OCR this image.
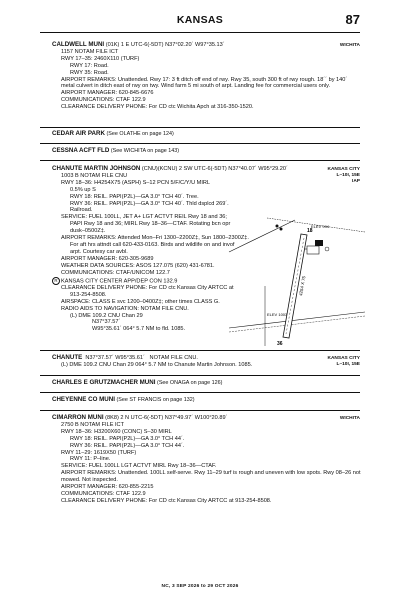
KANSAS	87
WICHITA
CALDWELL MUNI (01K) 1 E UTC-6(-5DT) N37°02.20´ W97°35.13´
1157 NOTAM FILE ICT
RWY 17–35: 2460X110 (TURF)
RWY 17: Road.
RWY 35: Road.
AIRPORT REMARKS: Unattended. Rwy 17: 3 ft ditch off end of rwy. Rwy 35, south 300 ft of rwy rough. 18´´ by 140´ metal culvert in ditch east of rwy on twy. Wind farm 5 mi south of arpt. Landing fee for commercial users only.
AIRPORT MANAGER: 620-845-6676
COMMUNICATIONS: CTAF 122.9
CLEARANCE DELIVERY PHONE: For CD ctc Wichita Apch at 316-350-1520.
CEDAR AIR PARK (See OLATHE on page 124)
CESSNA ACFT FLD (See WICHITA on page 143)
KANSAS CITY
L–10I, 15E
IAP
CHANUTE MARTIN JOHNSON (CNU)(KCNU) 2 SW UTC-6(-5DT) N37°40.07´ W95°29.20´
1003 B NOTAM FILE CNU
RWY 18–36: H4254X75 (ASPH) S–12 PCN 5/F/C/Y/U MIRL
0.5% up S
RWY 18: REIL. PAPI(P2L)—GA 3.0° TCH 40´. Tree.
RWY 36: REIL. PAPI(P2L)—GA 3.0° TCH 40´. Thld dsplcd 269´.
Railroad.
SERVICE: FUEL 100LL, JET A+ LGT ACTVT REIL Rwy 18 and 36;
PAPI Rwy 18 and 36; MIRL Rwy 18–36—CTAF. Rotating bcn opr
dusk–0500Z‡.
AIRPORT REMARKS: Attended Mon–Fri 1300–2200Z‡, Sun 1800–2300Z‡.
For aft hrs attndt call 620-433-0163. Birds and wildlife on and invof
arpt. Courtesy car avbl.
AIRPORT MANAGER: 620-305-9689
WEATHER DATA SOURCES: ASOS 127.075 (620) 431-6781.
COMMUNICATIONS: CTAF/UNICOM 122.7
R KANSAS CITY CENTER APP/DEP CON 132.9
CLEARANCE DELIVERY PHONE: For CD ctc Kansas City ARTCC at
913-254-8508.
AIRSPACE: CLASS E svc 1200–0400Z‡; other times CLASS G.
RADIO AIDS TO NAVIGATION: NOTAM FILE CNU.
(L) DME 109.2 CNU Chan 29
N37°37.57´
W95°35.61´ 064° 5.7 NM to fld. 1085.
18
36
4254 X 75
ELEV 994
ELEV 1003
KANSAS CITY
L–10I, 15E
CHANUTE N37°37.57´ W95°35.61´ NOTAM FILE CNU.
(L) DME 109.2 CNU Chan 29 064° 5.7 NM to Chanute Martin Johnson. 1085.
CHARLES E GRUTZMACHER MUNI (See ONAGA on page 126)
CHEYENNE CO MUNI (See ST FRANCIS on page 132)
WICHITA
CIMARRON MUNI (8K8) 2 N UTC-6(-5DT) N37°49.97´ W100°20.89´
2750 B NOTAM FILE ICT
RWY 18–36: H3200X60 (CONC) S–30 MIRL
RWY 18: REIL. PAPI(P2L)—GA 3.0° TCH 44´.
RWY 36: REIL. PAPI(P2L)—GA 3.0° TCH 44´.
RWY 11–29: 1619X50 (TURF)
RWY 11: P–line.
SERVICE: FUEL 100LL LGT ACTVT MIRL Rwy 18–36—CTAF.
AIRPORT REMARKS: Unattended. 100LL self-serve. Rwy 11–29 turf is rough and uneven with low spots. Rwy 08–26 not mowed. Not inspected.
AIRPORT MANAGER: 620-855-2215
COMMUNICATIONS: CTAF 122.9
CLEARANCE DELIVERY PHONE: For CD ctc Kansas City ARTCC at 913-254-8508.
NC, 3 SEP 2026 to 29 OCT 2026
